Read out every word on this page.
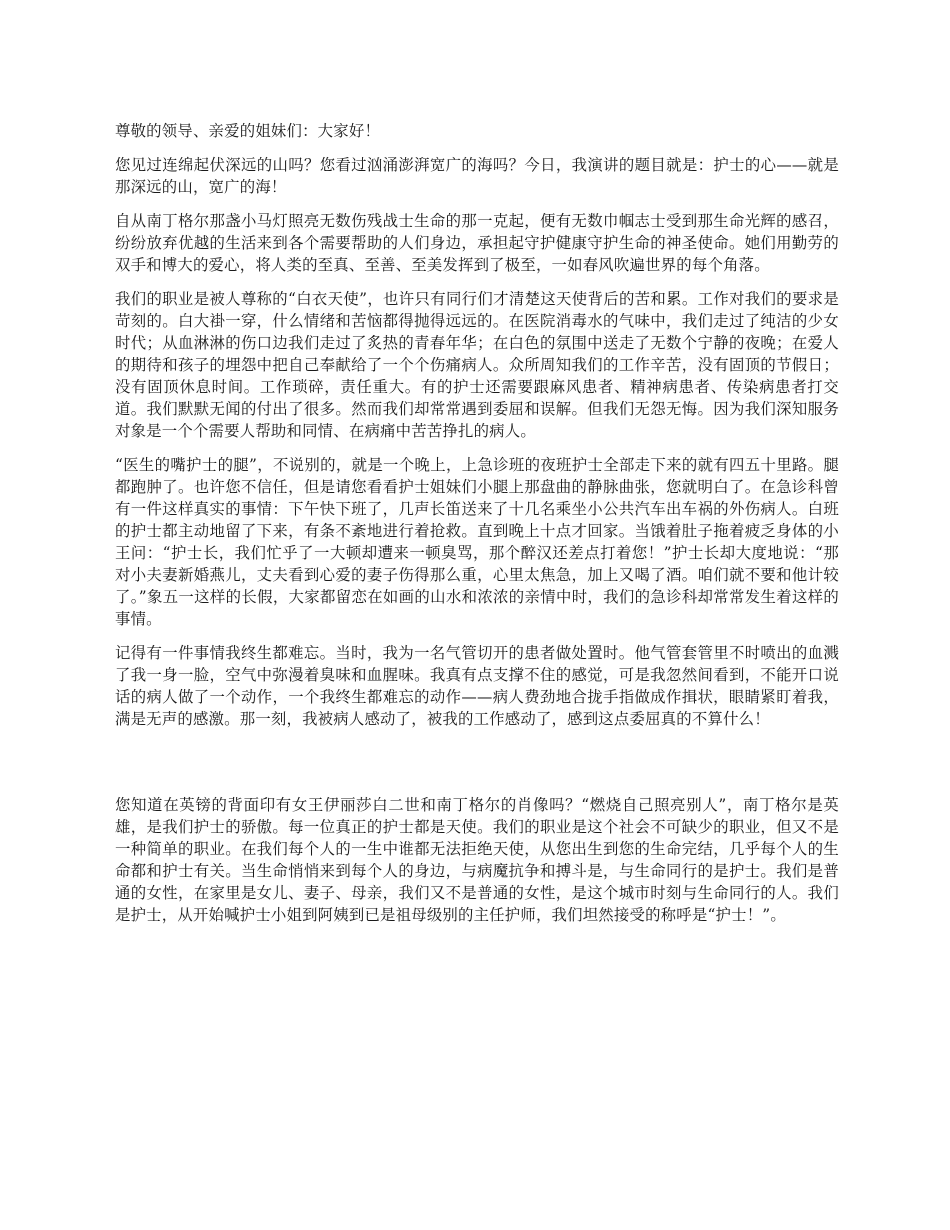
尊敬的领导、亲爱的姐妹们：大家好！

您见过连绵起伏深远的山吗？您看过汹涌澎湃宽广的海吗？今日，我演讲的题目就是：护士的心——就是那深远的山，宽广的海！

自从南丁格尔那盏小马灯照亮无数伤残战士生命的那一克起，便有无数巾帼志士受到那生命光辉的感召，纷纷放弃优越的生活来到各个需要帮助的人们身边，承担起守护健康守护生命的神圣使命。她们用勤劳的双手和博大的爱心，将人类的至真、至善、至美发挥到了极至，一如春风吹遍世界的每个角落。

我们的职业是被人尊称的“白衣天使”，也许只有同行们才清楚这天使背后的苦和累。工作对我们的要求是苛刻的。白大褂一穿，什么情绪和苦恼都得抛得远远的。在医院消毒水的气味中，我们走过了纯洁的少女时代；从血淋淋的伤口边我们走过了炙热的青春年华；在白色的氛围中送走了无数个宁静的夜晚；在爱人的期待和孩子的埋怨中把自己奉献给了一个个伤痛病人。众所周知我们的工作辛苦，没有固顶的节假日；没有固顶休息时间。工作琐碎，责任重大。有的护士还需要跟麻风患者、精神病患者、传染病患者打交道。我们默默无闻的付出了很多。然而我们却常常遇到委屈和误解。但我们无怨无悔。因为我们深知服务对象是一个个需要人帮助和同情、在病痛中苦苦挣扎的病人。

“医生的嘴护士的腿”，不说别的，就是一个晚上，上急诊班的夜班护士全部走下来的就有四五十里路。腿都跑肿了。也许您不信任，但是请您看看护士姐妹们小腿上那盘曲的静脉曲张，您就明白了。在急诊科曾有一件这样真实的事情：下午快下班了，几声长笛送来了十几名乘坐小公共汽车出车祸的外伤病人。白班的护士都主动地留了下来，有条不紊地进行着抢救。直到晚上十点才回家。当饿着肚子拖着疲乏身体的小王问：“护士长，我们忙乎了一大顿却遭来一顿臭骂，那个醉汉还差点打着您！”护士长却大度地说：“那对小夫妻新婚燕儿，丈夫看到心爱的妻子伤得那么重，心里太焦急，加上又喝了酒。咱们就不要和他计较了。”象五一这样的长假，大家都留恋在如画的山水和浓浓的亲情中时，我们的急诊科却常常发生着这样的事情。

记得有一件事情我终生都难忘。当时，我为一名气管切开的患者做处置时。他气管套管里不时喷出的血溅了我一身一脸，空气中弥漫着臭味和血腥味。我真有点支撑不住的感觉，可是我忽然间看到，不能开口说话的病人做了一个动作，一个我终生都难忘的动作——病人费劲地合拢手指做成作揖状，眼睛紧盯着我，满是无声的感激。那一刻，我被病人感动了，被我的工作感动了，感到这点委屈真的不算什么！

您知道在英镑的背面印有女王伊丽莎白二世和南丁格尔的肖像吗？“燃烧自己照亮别人”，南丁格尔是英雄，是我们护士的骄傲。每一位真正的护士都是天使。我们的职业是这个社会不可缺少的职业，但又不是一种简单的职业。在我们每个人的一生中谁都无法拒绝天使，从您出生到您的生命完结，几乎每个人的生命都和护士有关。当生命悄悄来到每个人的身边，与病魔抗争和搏斗是，与生命同行的是护士。我们是普通的女性，在家里是女儿、妻子、母亲，我们又不是普通的女性，是这个城市时刻与生命同行的人。我们是护士，从开始喊护士小姐到阿姨到已是祖母级别的主任护师，我们坦然接受的称呼是“护士！”。
